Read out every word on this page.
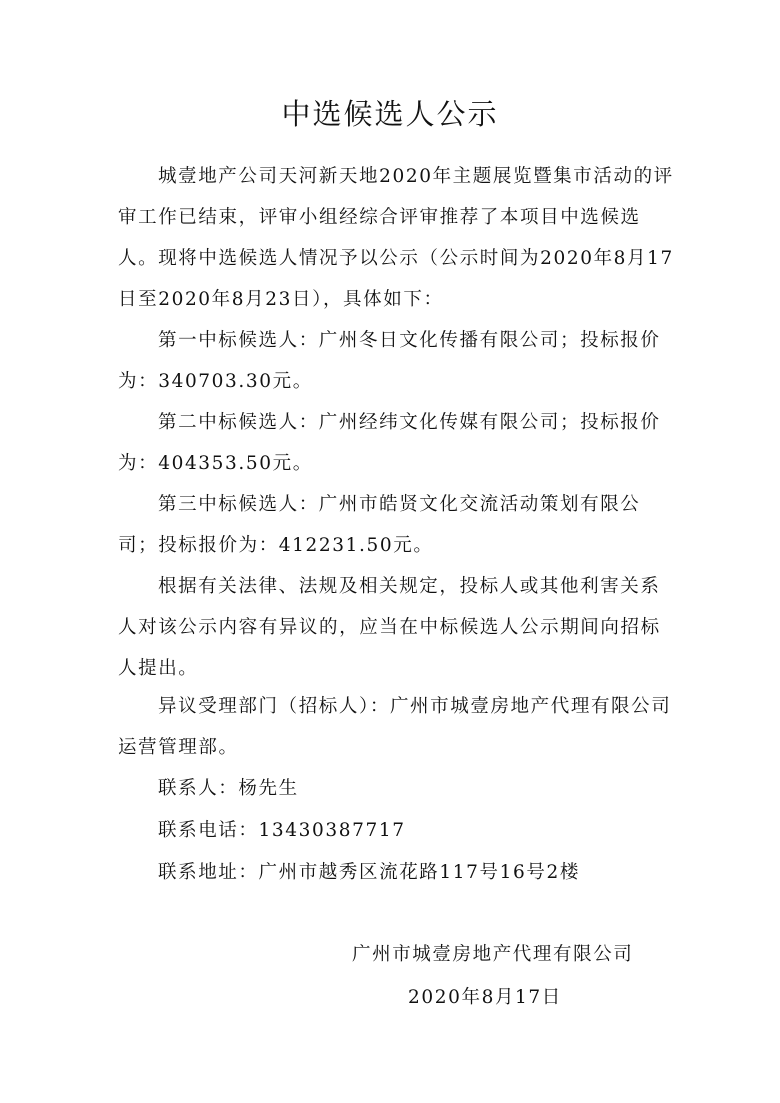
中选候选人公示

城壹地产公司天河新天地2020年主题展览暨集市活动的评审工作已结束，评审小组经综合评审推荐了本项目中选候选人。现将中选候选人情况予以公示（公示时间为2020年8月17日至2020年8月23日），具体如下：

第一中标候选人：广州冬日文化传播有限公司；投标报价为：340703.30元。

第二中标候选人：广州经纬文化传媒有限公司；投标报价为：404353.50元。

第三中标候选人：广州市皓贤文化交流活动策划有限公司；投标报价为：412231.50元。

根据有关法律、法规及相关规定，投标人或其他利害关系人对该公示内容有异议的，应当在中标候选人公示期间向招标人提出。

异议受理部门（招标人）：广州市城壹房地产代理有限公司运营管理部。

联系人：杨先生

联系电话：13430387717

联系地址：广州市越秀区流花路117号16号2楼

广州市城壹房地产代理有限公司
2020年8月17日
